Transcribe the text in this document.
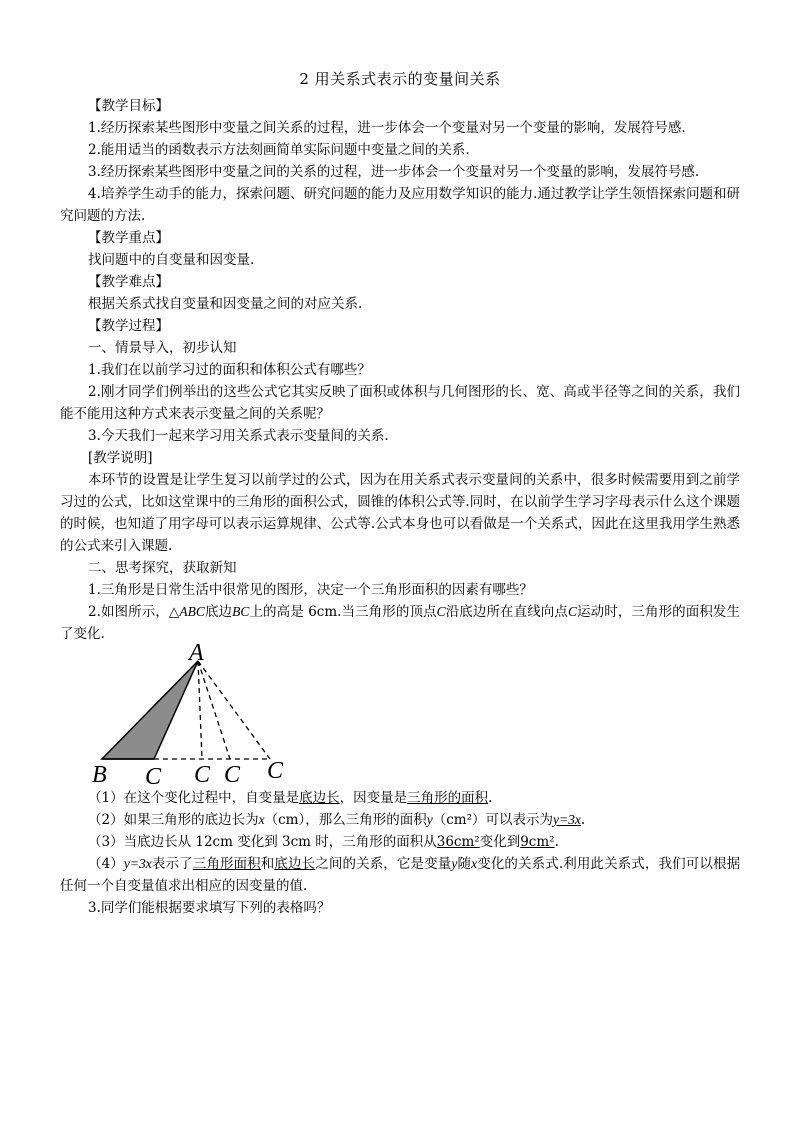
2 用关系式表示的变量间关系

【教学目标】

1.经历探索某些图形中变量之间关系的过程，进一步体会一个变量对另一个变量的影响，发展符号感.

2.能用适当的函数表示方法刻画简单实际问题中变量之间的关系.

3.经历探索某些图形中变量之间的关系的过程，进一步体会一个变量对另一个变量的影响，发展符号感.

4.培养学生动手的能力，探索问题、研究问题的能力及应用数学知识的能力.通过教学让学生领悟探索问题和研究问题的方法.

【教学重点】

找问题中的自变量和因变量.

【教学难点】

根据关系式找自变量和因变量之间的对应关系.

【教学过程】

一、情景导入，初步认知

1.我们在以前学习过的面积和体积公式有哪些？

2.刚才同学们例举出的这些公式它其实反映了面积或体积与几何图形的长、宽、高或半径等之间的关系，我们能不能用这种方式来表示变量之间的关系呢？

3.今天我们一起来学习用关系式表示变量间的关系.

[教学说明]

本环节的设置是让学生复习以前学过的公式，因为在用关系式表示变量间的关系中，很多时候需要用到之前学习过的公式，比如这堂课中的三角形的面积公式，圆锥的体积公式等.同时，在以前学生学习字母表示什么这个课题的时候，也知道了用字母可以表示运算规律、公式等.公式本身也可以看做是一个关系式，因此在这里我用学生熟悉的公式来引入课题.

二、思考探究，获取新知

1.三角形是日常生活中很常见的图形，决定一个三角形面积的因素有哪些？

2.如图所示，△ABC底边BC上的高是 6cm.当三角形的顶点C沿底边所在直线向点C运动时，三角形的面积发生了变化.

A
B C C C C

（1）在这个变化过程中，自变量是底边长，因变量是三角形的面积.

（2）如果三角形的底边长为x（cm），那么三角形的面积y（cm²）可以表示为y=3x.

（3）当底边长从 12cm 变化到 3cm 时，三角形的面积从36cm²变化到9cm².

（4）y=3x表示了三角形面积和底边长之间的关系，它是变量y随x变化的关系式.利用此关系式，我们可以根据任何一个自变量值求出相应的因变量的值.

3.同学们能根据要求填写下列的表格吗？
